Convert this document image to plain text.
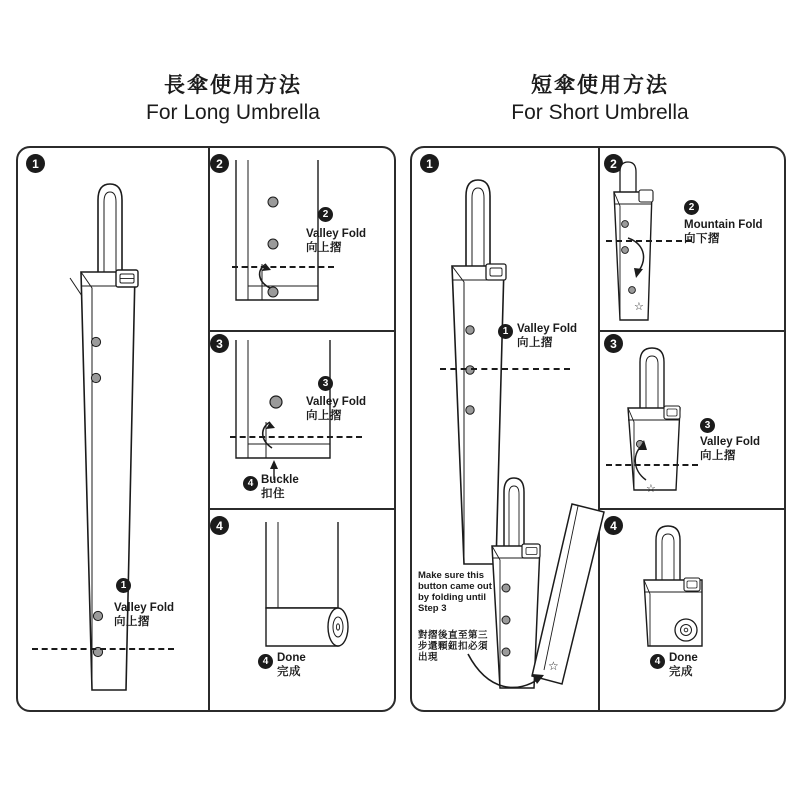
長傘使用方法
For Long Umbrella
短傘使用方法
For Short Umbrella
1
1
Valley Fold
向上摺
2
2
Valley Fold
向上摺
3
3
Valley Fold
向上摺
4 Buckle
扣住
4
4 Done
完成
1
1 Valley Fold
向上摺
☆
Make sure this button came out by folding until Step 3
對摺後直至第三步還顆鈕扣必須出現
2
☆
2
Mountain Fold
向下摺
3
☆
3
Valley Fold
向上摺
4
4 Done
完成
